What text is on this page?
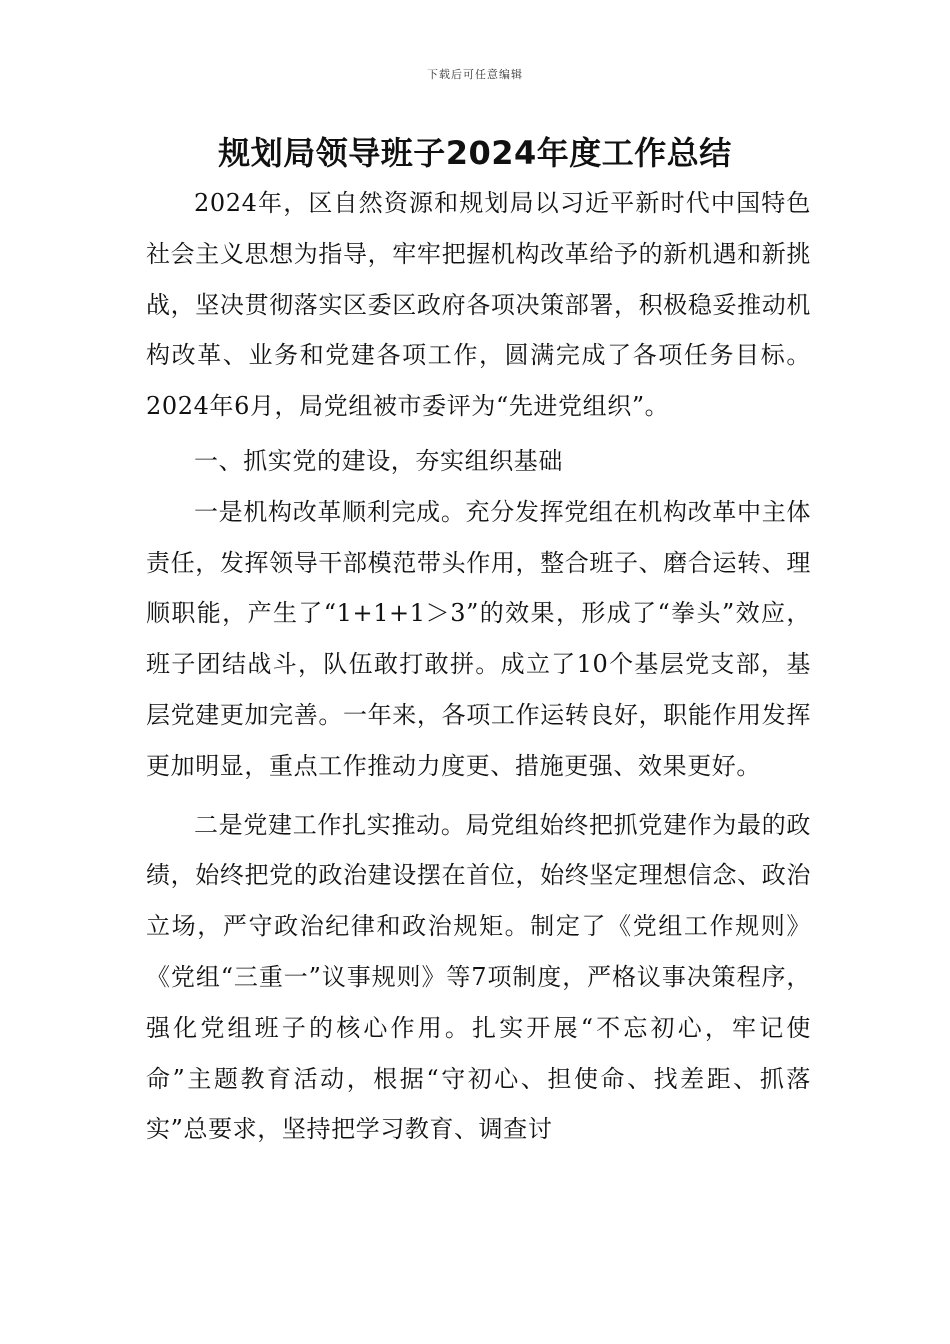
下载后可任意编辑
规划局领导班子2024年度工作总结

2024年，区自然资源和规划局以习近平新时代中国特色社会主义思想为指导，牢牢把握机构改革给予的新机遇和新挑战，坚决贯彻落实区委区政府各项决策部署，积极稳妥推动机构改革、业务和党建各项工作，圆满完成了各项任务目标。2024年6月，局党组被市委评为“先进党组织”。

一、抓实党的建设，夯实组织基础

一是机构改革顺利完成。充分发挥党组在机构改革中主体责任，发挥领导干部模范带头作用，整合班子、磨合运转、理顺职能，产生了“1+1+1＞3”的效果，形成了“拳头”效应，班子团结战斗，队伍敢打敢拼。成立了10个基层党支部，基层党建更加完善。一年来，各项工作运转良好，职能作用发挥更加明显，重点工作推动力度更、措施更强、效果更好。

二是党建工作扎实推动。局党组始终把抓党建作为最的政绩，始终把党的政治建设摆在首位，始终坚定理想信念、政治立场，严守政治纪律和政治规矩。制定了《党组工作规则》《党组“三重一”议事规则》等7项制度，严格议事决策程序，强化党组班子的核心作用。扎实开展“不忘初心，牢记使命”主题教育活动，根据“守初心、担使命、找差距、抓落实”总要求，坚持把学习教育、调查讨
